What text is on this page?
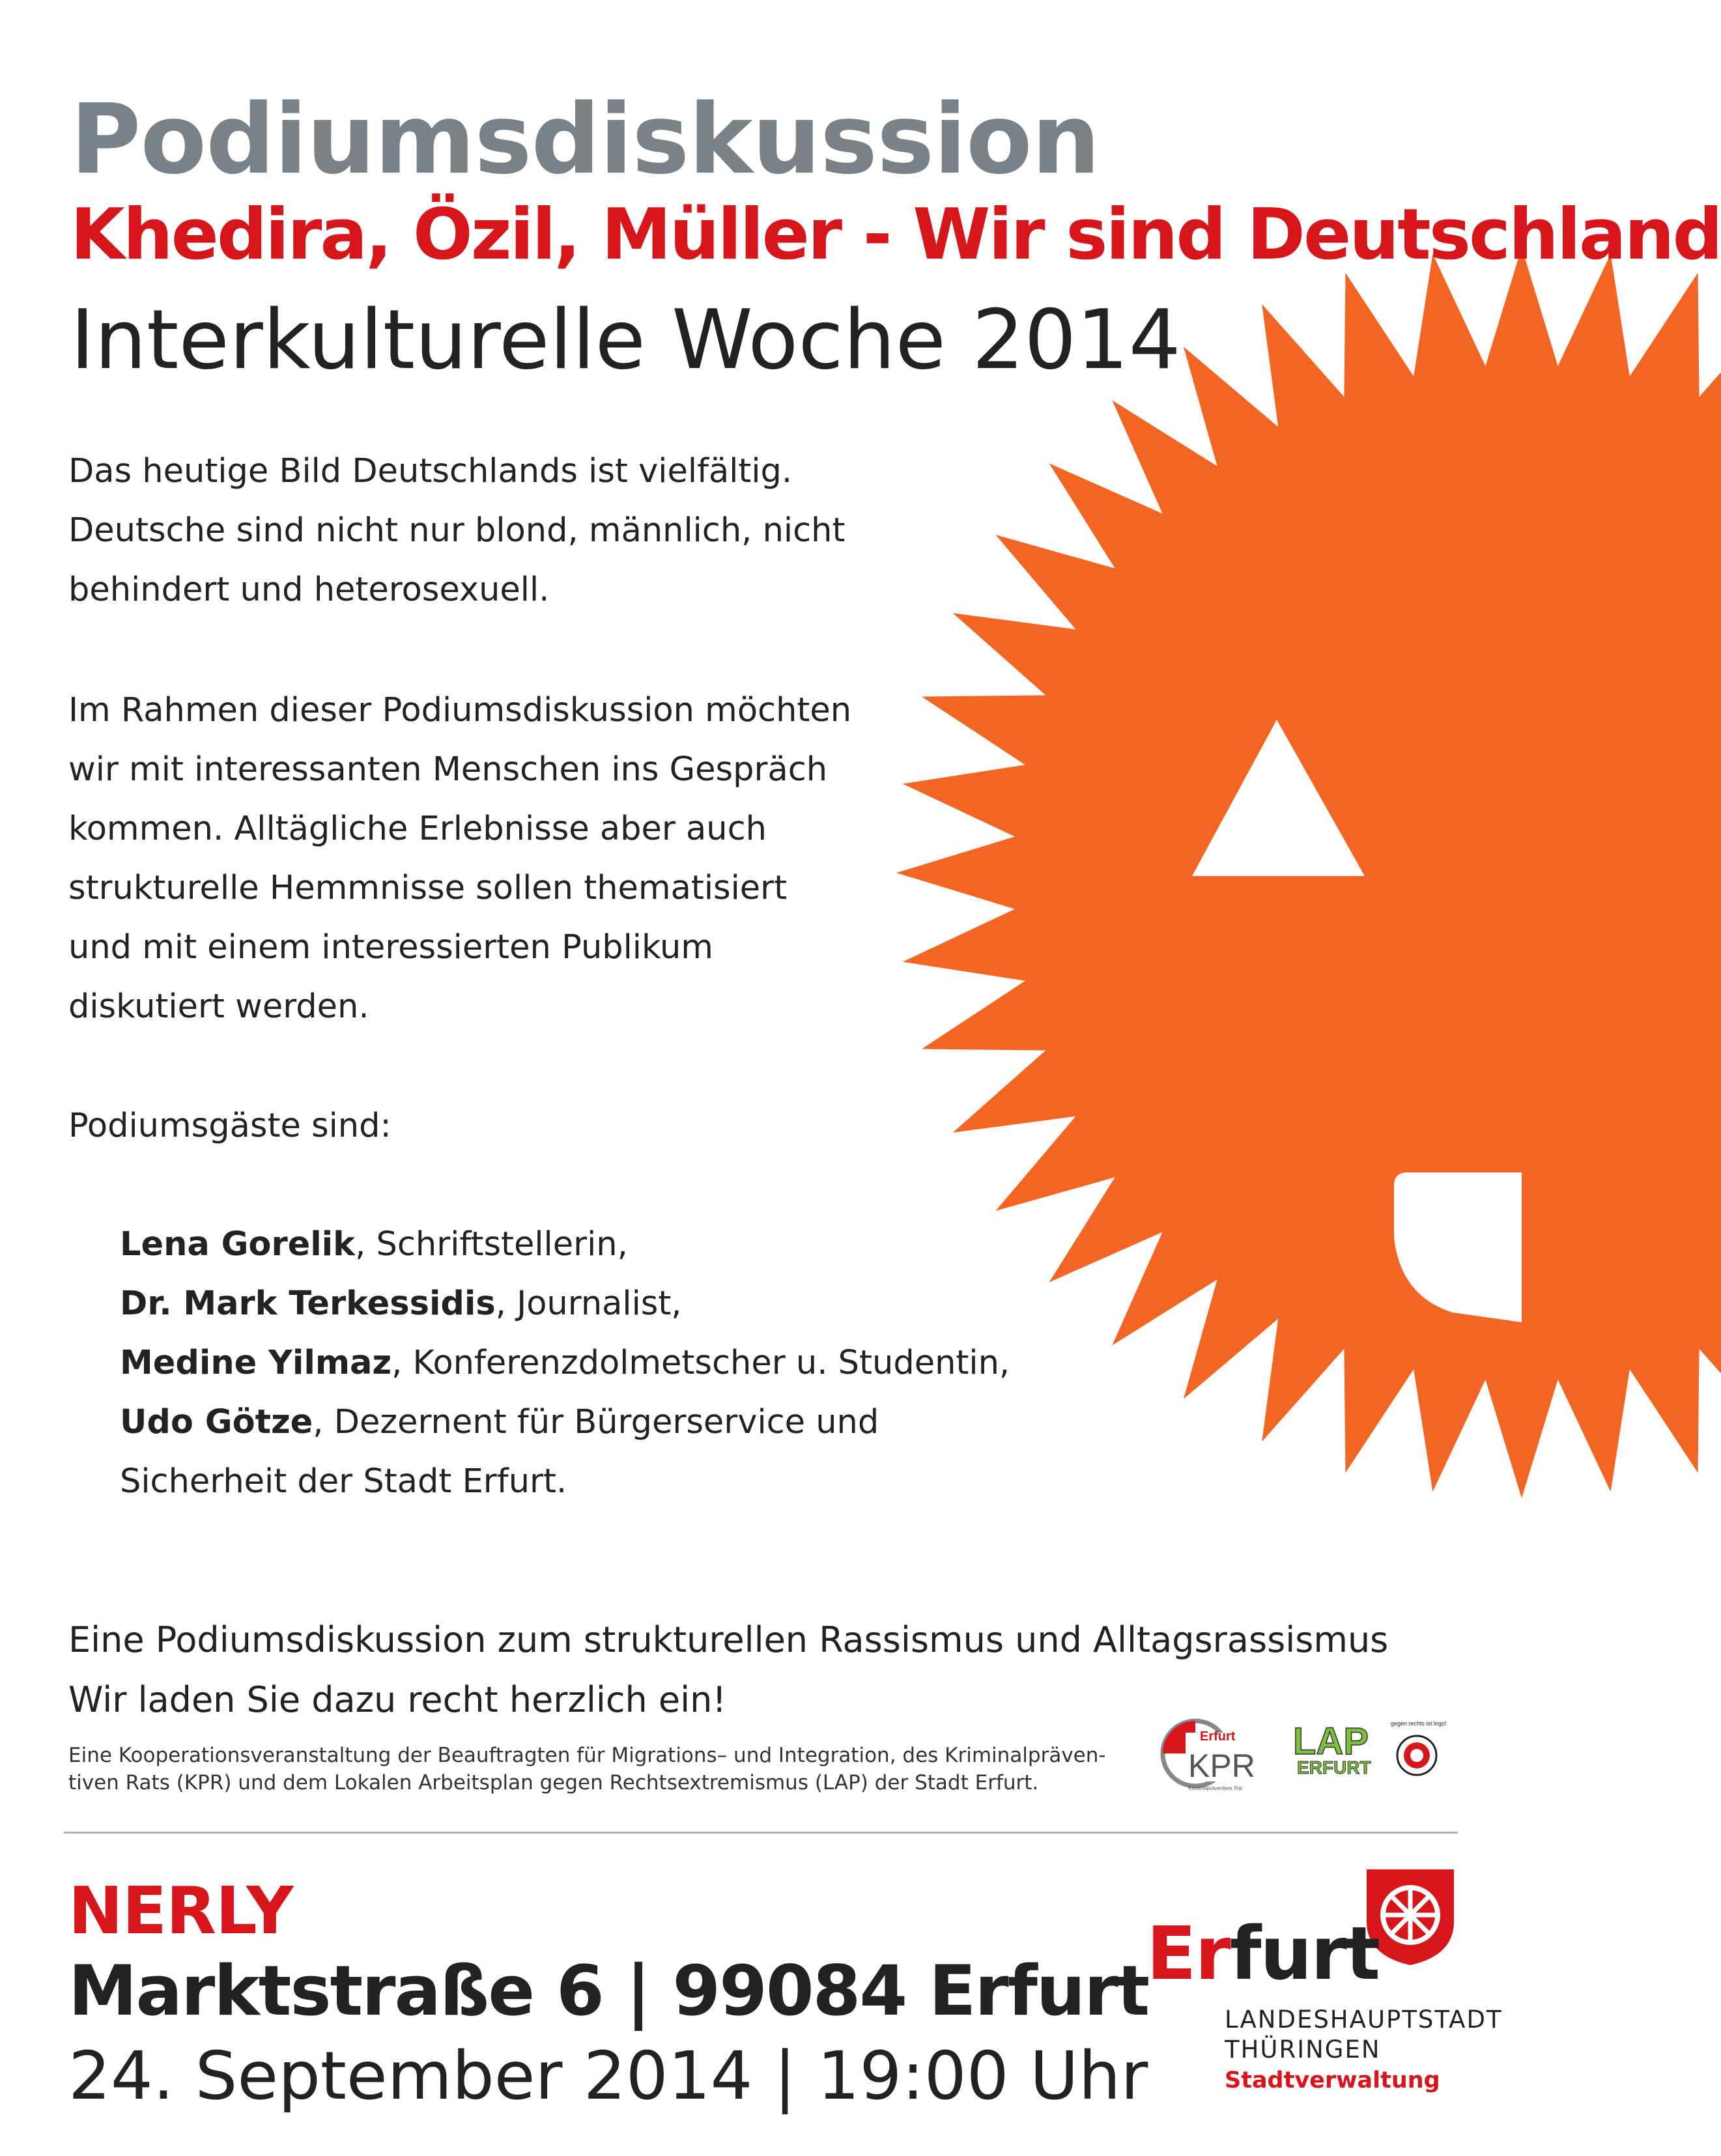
Podiumsdiskussion
Khedira, Özil, Müller - Wir sind Deutschland
Interkulturelle Woche 2014
Das heutige Bild Deutschlands ist vielfältig.
Deutsche sind nicht nur blond, männlich, nicht
behindert und heterosexuell.
Im Rahmen dieser Podiumsdiskussion möchten
wir mit interessanten Menschen ins Gespräch
kommen. Alltägliche Erlebnisse aber auch
strukturelle Hemmnisse sollen thematisiert
und mit einem interessierten Publikum
diskutiert werden.
Podiumsgäste sind:
Lena Gorelik, Schriftstellerin,
Dr. Mark Terkessidis, Journalist,
Medine Yilmaz, Konferenzdolmetscher u. Studentin,
Udo Götze, Dezernent für Bürgerservice und
Sicherheit der Stadt Erfurt.
Eine Podiumsdiskussion zum strukturellen Rassismus und Alltagsrassismus
Wir laden Sie dazu recht herzlich ein!
Eine Kooperationsveranstaltung der Beauftragten für Migrations– und Integration, des Kriminalpräven-
tiven Rats (KPR) und dem Lokalen Arbeitsplan gegen Rechtsextremismus (LAP) der Stadt Erfurt.
Erfurt
KPR
Kriminalpräventiver Rat
LAP
ERFURT
gegen rechts ist logo!
NERLY
Marktstraße 6 | 99084 Erfurt
24. September 2014 | 19:00 Uhr
Erfurt
LANDESHAUPTSTADT
THÜRINGEN
Stadtverwaltung
